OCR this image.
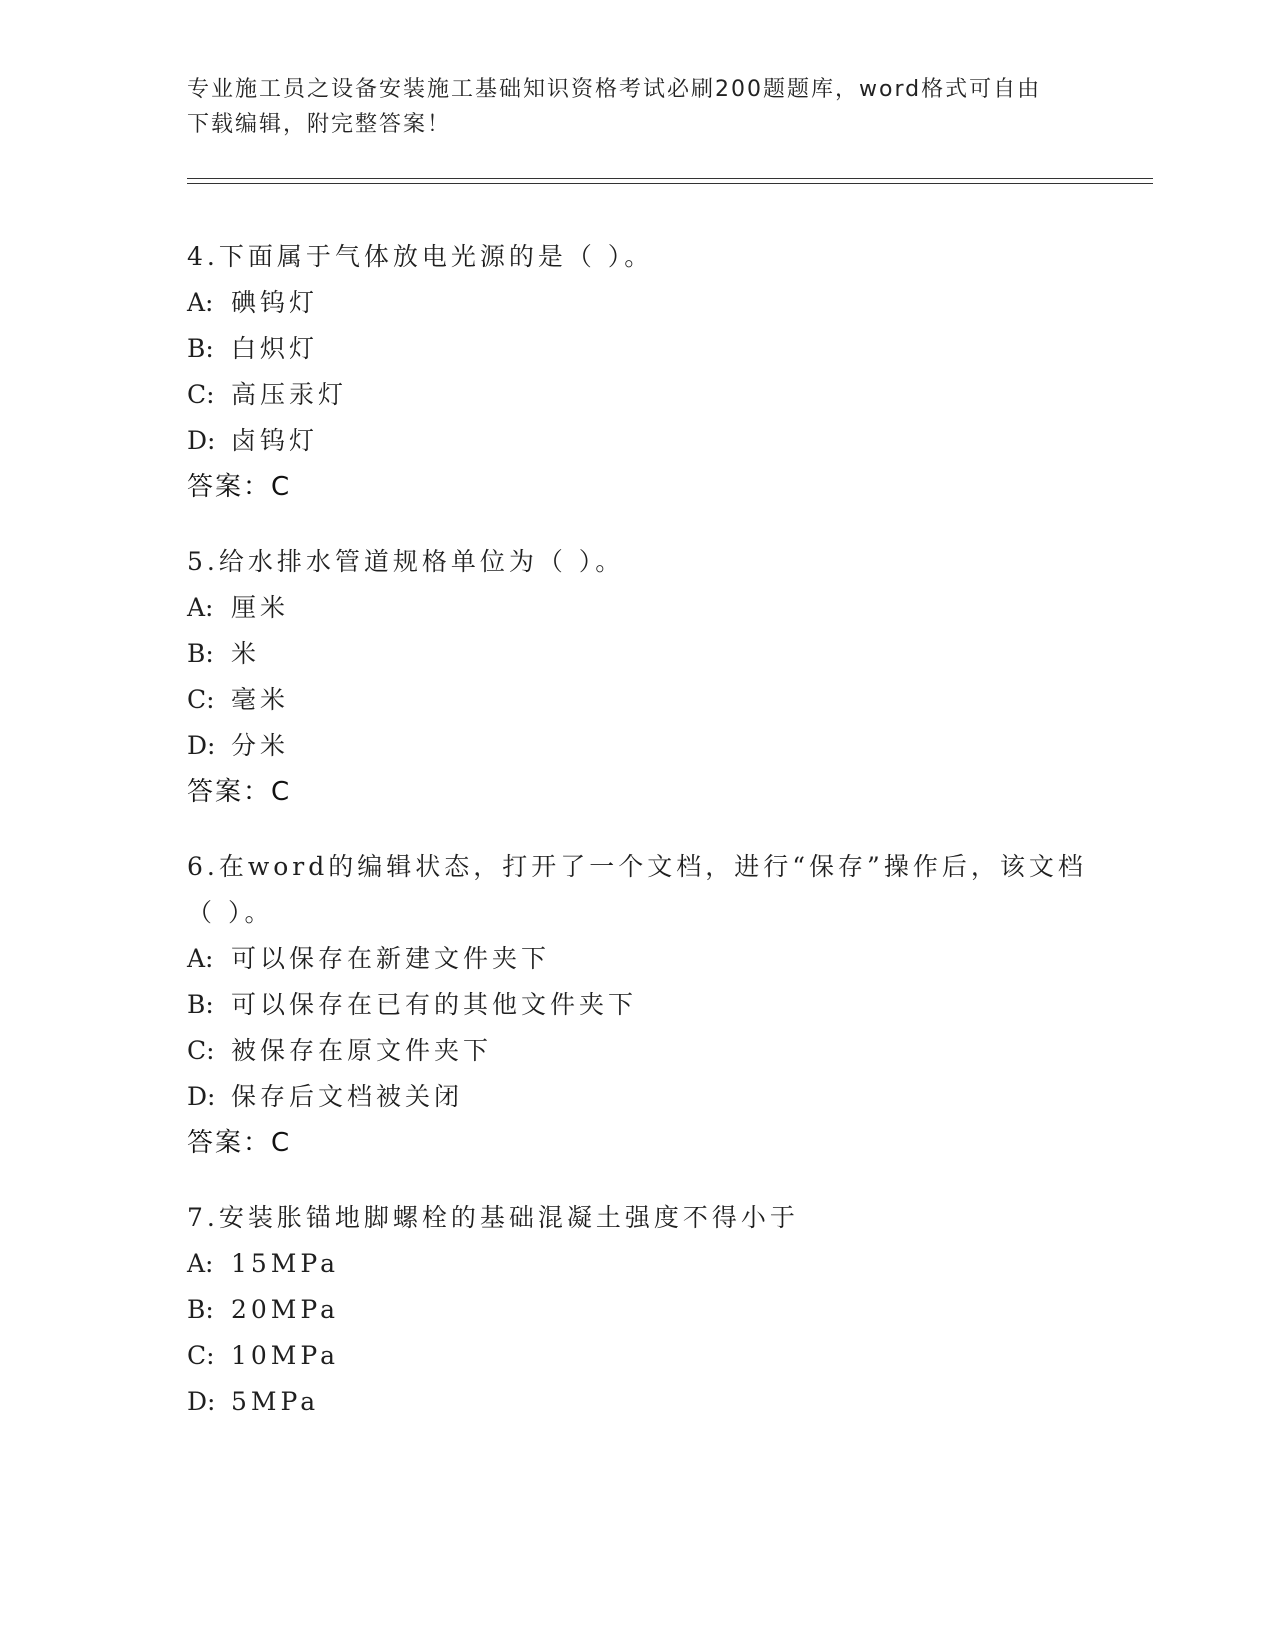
专业施工员之设备安装施工基础知识资格考试必刷200题题库，word格式可自由
下载编辑，附完整答案！
4.下面属于气体放电光源的是（ ）。
A: 碘钨灯
B: 白炽灯
C: 高压汞灯
D: 卤钨灯
答案：C
5.给水排水管道规格单位为（ ）。
A: 厘米
B: 米
C: 毫米
D: 分米
答案：C
6.在word的编辑状态，打开了一个文档，进行“保存”操作后，该文档（ ）。
A: 可以保存在新建文件夹下
B: 可以保存在已有的其他文件夹下
C: 被保存在原文件夹下
D: 保存后文档被关闭
答案：C
7.安装胀锚地脚螺栓的基础混凝土强度不得小于
A: 15MPa
B: 20MPa
C: 10MPa
D: 5MPa
